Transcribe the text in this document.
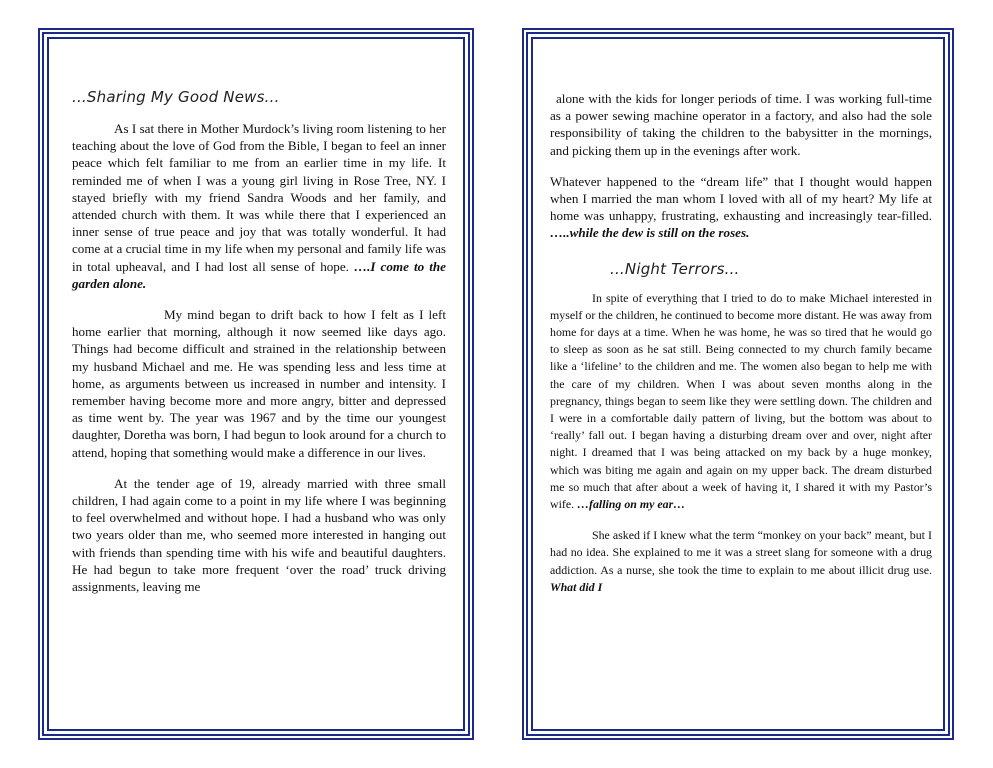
...Sharing My Good News...

As I sat there in Mother Murdock’s living room listening to her teaching about the love of God from the Bible, I began to feel an inner peace which felt familiar to me from an earlier time in my life. It reminded me of when I was a young girl living in Rose Tree, NY. I stayed briefly with my friend Sandra Woods and her family, and attended church with them. It was while there that I experienced an inner sense of true peace and joy that was totally wonderful. It had come at a crucial time in my life when my personal and family life was in total upheaval, and I had lost all sense of hope. ….I come to the garden alone.

My mind began to drift back to how I felt as I left home earlier that morning, although it now seemed like days ago. Things had become difficult and strained in the relationship between my husband Michael and me. He was spending less and less time at home, as arguments between us increased in number and intensity. I remember having become more and more angry, bitter and depressed as time went by. The year was 1967 and by the time our youngest daughter, Doretha was born, I had begun to look around for a church to attend, hoping that something would make a difference in our lives.

At the tender age of 19, already married with three small children, I had again come to a point in my life where I was beginning to feel overwhelmed and without hope. I had a husband who was only two years older than me, who seemed more interested in hanging out with friends than spending time with his wife and beautiful daughters. He had begun to take more frequent ‘over the road’ truck driving assignments, leaving me

alone with the kids for longer periods of time. I was working full-time as a power sewing machine operator in a factory, and also had the sole responsibility of taking the children to the babysitter in the mornings, and picking them up in the evenings after work.

Whatever happened to the “dream life” that I thought would happen when I married the man whom I loved with all of my heart? My life at home was unhappy, frustrating, exhausting and increasingly tear-filled. …..while the dew is still on the roses.

...Night Terrors...

In spite of everything that I tried to do to make Michael interested in myself or the children, he continued to become more distant. He was away from home for days at a time. When he was home, he was so tired that he would go to sleep as soon as he sat still. Being connected to my church family became like a ‘lifeline’ to the children and me. The women also began to help me with the care of my children. When I was about seven months along in the pregnancy, things began to seem like they were settling down. The children and I were in a comfortable daily pattern of living, but the bottom was about to ‘really’ fall out. I began having a disturbing dream over and over, night after night. I dreamed that I was being attacked on my back by a huge monkey, which was biting me again and again on my upper back. The dream disturbed me so much that after about a week of having it, I shared it with my Pastor’s wife. …falling on my ear…

She asked if I knew what the term “monkey on your back” meant, but I had no idea. She explained to me it was a street slang for someone with a drug addiction. As a nurse, she took the time to explain to me about illicit drug use. What did I
